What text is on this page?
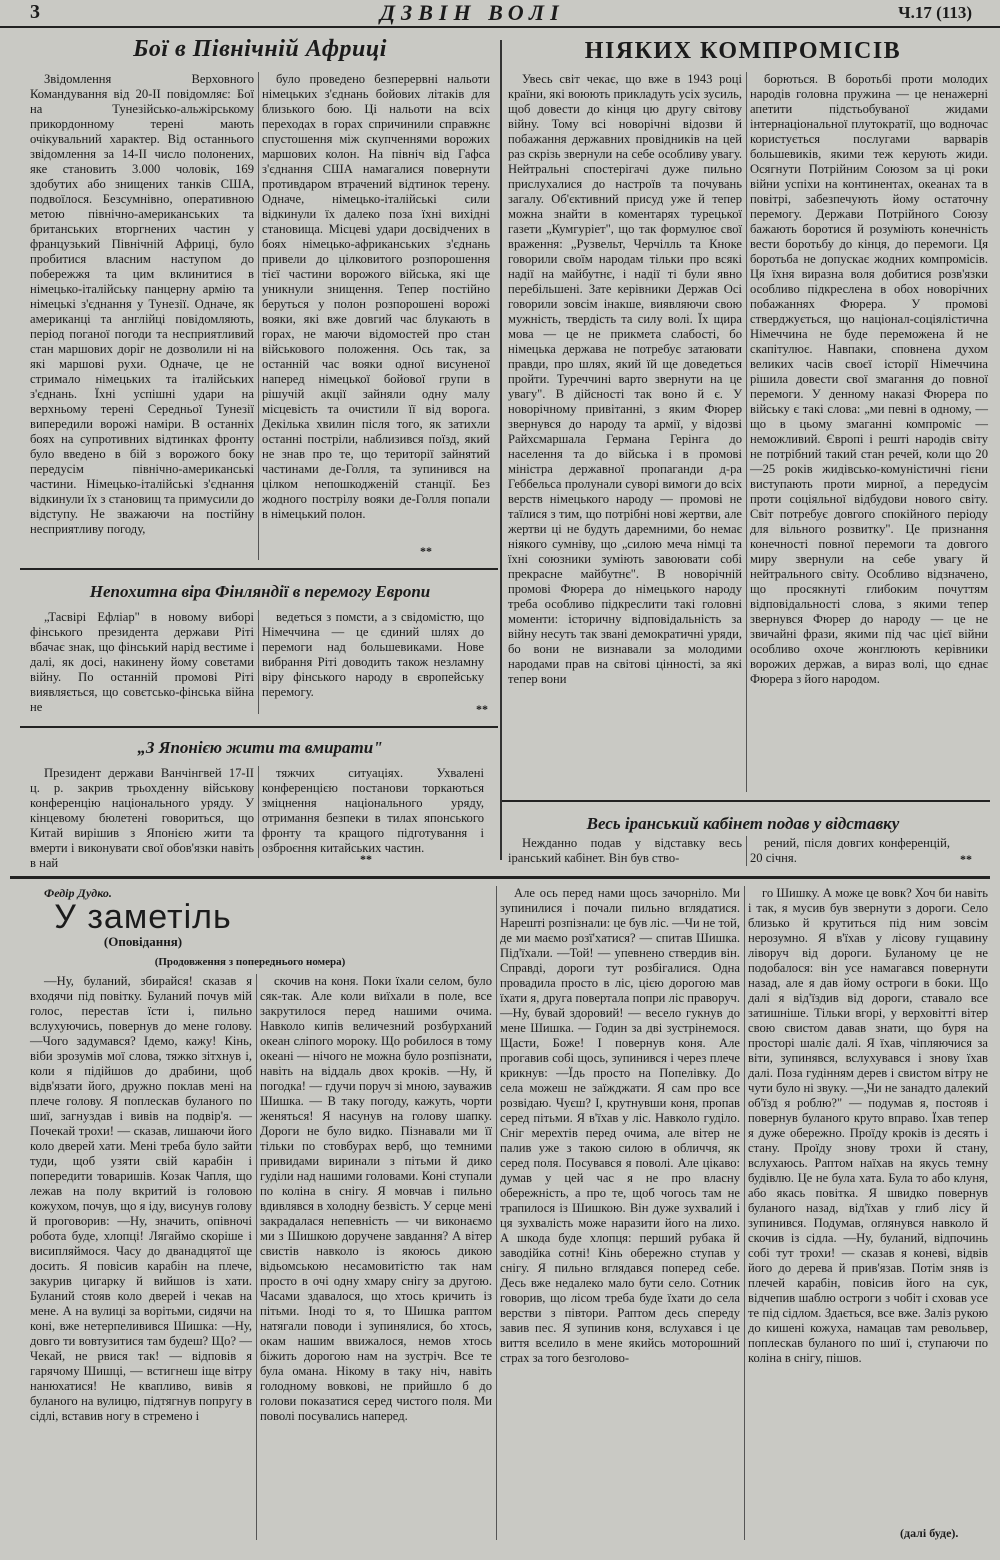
3	ДЗВІН ВОЛІ	Ч.17 (113)
Бої в Північній Африці

Звідомлення Верховного Командування від 20-II повідомляє: Бої на Тунезійсько-альжірському прикордонному терені мають очікувальний характер. Від останнього звідомлення за 14-II число полонених, яке становить 3.000 чоловік, 169 здобутих або знищених танків США, подвоїлося. Безсумнівно, оперативною метою північно-американських та британських вторгнених частин у французький Північній Африці, було пробитися власним наступом до побережжя та цим вклинитися в німецько-італійську панцерну армію та німецькі з'єднання у Тунезії. Одначе, як американці та англійці повідомляють, період поганої погоди та несприятливий стан маршових доріг не дозволили ні на які маршові рухи. Одначе, це не стримало німецьких та італійських з'єднань. Їхні успішні удари на верхньому терені Середньої Тунезії випередили ворожі наміри. В останніх боях на супротивних відтинках фронту було введено в бій з ворожого боку передусім північно-американські частини. Німецько-італійські з'єднання відкинули їх з становищ та примусили до відступу. Не зважаючи на постійну несприятливу погоду,

було проведено безперервні нальоти німецьких з'єднань бойових літаків для близького бою. Ці нальоти на всіх переходах в горах спричинили справжнє спустошення між скупченнями ворожих маршових колон. На північ від Гафса з'єднання США намагалися повернути противдаром втрачений відтинок терену. Одначе, німецько-італійські сили відкинули їх далеко поза їхні вихідні становища. Місцеві удари досвідчених в боях німецько-африканських з'єднань привели до цілковитого розпорошення тієї частини ворожого війська, які ще уникнули знищення. Тепер постійно беруться у полон розпорошені ворожі вояки, які вже довгий час блукають в горах, не маючи відомостей про стан військового положення. Ось так, за останній час вояки одної висуненої наперед німецької бойової групи в рішучій акції зайняли одну малу місцевість та очистили її від ворога. Декілька хвилин після того, як затихли останні постріли, наблизився поїзд, який не знав про те, що території зайнятий частинами де-Голля, та зупинився на цілком непошкодженій станції. Без жодного пострілу вояки де-Голля попали в німецький полон.

**
Непохитна віра Фінляндії в перемогу Европи

„Тасвірі Ефліар" в новому виборі фінського президента держави Ріті вбачає знак, що фінський нарід вестиме і далі, як досі, накинену йому совєтами війну. По останній промові Ріті виявляється, що совєтсько-фінська війна не

ведеться з помсти, а з свідомістю, що Німеччина — це єдиний шлях до перемоги над большевиками. Нове вибрання Ріті доводить також незламну віру фінського народу в європейську перемогу.

**
„З Японією жити та вмирати"

Президент держави Ванчінгвей 17-II ц. р. закрив трьохденну військову конференцію національного уряду. У кінцевому бюлетені говориться, що Китай вирішив з Японією жити та вмерти і виконувати свої обов'язки навіть в най

тяжчих ситуаціях. Ухвалені конференцією постанови торкаються зміцнення національного уряду, отримання безпеки в тилах японського фронту та кращого підготування і озброєння китайських частин.

**
НІЯКИХ КОМПРОМІСІВ

Увесь світ чекає, що вже в 1943 році країни, які воюють прикладуть усіх зусиль, щоб довести до кінця цю другу світову війну. Тому всі новорічні відозви й побажання державних провідників на цей раз скрізь звернули на себе особливу увагу. Нейтральні спостерігачі дуже пильно прислухалися до настроїв та почувань загалу. Об'єктивний присуд уже й тепер можна знайти в коментарях турецької газети „Кумгуріет", що так формулює свої враження: „Рузвельт, Черчілль та Кноке говорили своїм народам тільки про всякі надії на майбутнє, і надії ті були явно перебільшені. Зате керівники Держав Осі говорили зовсім інакше, виявляючи свою мужність, твердість та силу волі. Їх щира мова — це не прикмета слабості, бо німецька держава не потребує затаювати правди, про шлях, який їй ще доведеться пройти. Туреччині варто звернути на це увагу". В дійсності так воно й є. У новорічному привітанні, з яким Фюрер звернувся до народу та армії, у відозві Райхсмаршала Германа Герінга до населення та до війська і в промові міністра державної пропаганди д-ра Геббельса пролунали суворі вимоги до всіх верств німецького народу — промові не таїлися з тим, що потрібні нові жертви, але жертви ці не будуть даремними, бо немає ніякого сумніву, що „силою меча німці та їхні союзники зуміють завоювати собі прекрасне майбутнє". В новорічній промові Фюрера до німецького народу треба особливо підкреслити такі головні моменти: історичну відповідальність за війну несуть так звані демократичні уряди, бо вони не визнавали за молодими народами прав на світові цінності, за які тепер вони

борються. В боротьбі проти молодих народів головна пружина — це ненажерні апетити підстьобуваної жидами інтернаціональної плутократії, що водночас користується послугами варварів большевиків, якими теж керують жиди. Осягнути Потрійним Союзом за ці роки війни успіхи на континентах, океанах та в повітрі, забезпечують йому остаточну перемогу. Держави Потрійного Союзу бажають боротися й розуміють конечність вести боротьбу до кінця, до перемоги. Ця боротьба не допускає жодних компромісів. Ця їхня виразна воля добитися розв'язки особливо підкреслена в обох новорічних побажаннях Фюрера. У промові стверджується, що націонал-соціялістична Німеччина не буде переможена й не скапітулює. Навпаки, сповнена духом великих часів своєї історії Німеччина рішила довести свої змагання до повної перемоги. У денному наказі Фюрера по війську є такі слова: „ми певні в одному, — що в цьому змаганні компроміс — неможливий. Європі і решті народів світу не потрібний такий стан речей, коли що 20—25 років жидівсько-комуністичні гієни виступають проти мирної, а передусім проти соціяльної відбудови нового світу. Світ потребує довгого спокійного періоду для вільного розвитку". Це признання конечності повної перемоги та довгого миру звернули на себе увагу й нейтрального світу. Особливо відзначено, що просякнуті глибоким почуттям відповідальності слова, з якими тепер звернувся Фюрер до народу — це не звичайні фрази, якими під час цієї війни особливо охоче жонглюють керівники ворожих держав, а вираз волі, що єднає Фюрера з його народом.

Весь іранський кабінет подав у відставку

Нежданно подав у відставку весь іранський кабінет. Він був ство-

рений, після довгих конференцій, 20 січня.	**
Федір Дудко.
У заметіль
(Оповідання)
(Продовження з попереднього номера)

—Ну, буланий, збирайся! сказав я входячи під повітку. Буланий почув мій голос, перестав їсти і, пильно вслухуючись, повернув до мене голову. —Чого задумався? Ідемо, кажу! Кінь, віби зрозумів мої слова, тяжко зітхнув і, коли я підійшов до драбини, щоб відв'язати його, дружно поклав мені на плече голову. Я поплескав буланого по шиї, загнуздав і вивів на подвір'я. —Почекай трохи! — сказав, лишаючи його коло дверей хати. Мені треба було зайти туди, щоб узяти свій карабін і попередити товаришів. Козак Чапля, що лежав на полу вкритий із головою кожухом, почув, що я іду, висунув голову й проговорив: —Ну, значить, опівночі робота буде, хлопці! Лягаймо скоріше і висипляймося. Часу до дванадцятої ще досить. Я повісив карабін на плече, закурив цигарку й вийшов із хати. Буланий стояв коло дверей і чекав на мене. А на вулиці за ворітьми, сидячи на коні, вже нетерпеливився Шишка: —Ну, довго ти вовтузитися там будеш? Що? —Чекай, не рвися так! — відповів я гарячому Шишці, — встигнеш іще вітру нанюхатися! Не квапливо, вивів я буланого на вулицю, підтягнув попругу в сідлі, вставив ногу в стремено і

скочив на коня. Поки їхали селом, було сяк-так. Але коли виїхали в поле, все закрутилося перед нашими очима. Навколо кипів величезний розбурханий океан сліпого мороку. Що робилося в тому океані — нічого не можна було розпізнати, навіть на віддаль двох кроків. —Ну, й погодка! — гдучи поруч зі мною, зауважив Шишка. — В таку погоду, кажуть, чорти женяться! Я насунув на голову шапку. Дороги не було видко. Пізнавали ми її тільки по стовбурах верб, що темними привидами виринали з пітьми й дико гуділи над нашими головами. Коні ступали по коліна в снігу. Я мовчав і пильно вдивлявся в холодну безвість. У серце мені закрадалася непевність — чи виконаємо ми з Шишкою доручене завдання? А вітер свистів навколо із якоюсь дикою відьомською несамовитістю так нам просто в очі одну хмару снігу за другою. Часами здавалося, що хтось кричить із пітьми. Іноді то я, то Шишка раптом натягали поводи і зупинялися, бо хтось, окам нашим ввижалося, немов хтось біжить дорогою нам на зустріч. Все те була омана. Нікому в таку ніч, навіть голодному вовкові, не прийшло б до голови показатися серед чистого поля. Ми поволі посувались наперед.

Але ось перед нами щось зачорніло. Ми зупинилися і почали пильно вглядатися. Нарешті розпізнали: це був ліс. —Чи не той, де ми маємо розї'хатися? — спитав Шишка. Під'їхали. —Той! — упевнено ствердив він. Справді, дороги тут розбігалися. Одна провадила просто в ліс, цією дорогою мав їхати я, друга повертала попри ліс праворуч. —Ну, бувай здоровий! — весело гукнув до мене Шишка. — Годин за дві зустрінемося. Щасти, Боже! І повернув коня. Але прогавив собі щось, зупинився і через плече крикнув: —Їдь просто на Попелівку. До села можеш не заїжджати. Я сам про все розвідаю. Чуєш? І, крутнувши коня, пропав серед пітьми. Я в'їхав у ліс. Навколо гуділо. Сніг мерехтів перед очима, але вітер не палив уже з такою силою в обличчя, як серед поля. Посувався я поволі. Але цікаво: думав у цей час я не про власну обережність, а про те, щоб чогось там не трапилося із Шишкою. Він дуже зухвалий і ця зухвалість може наразити його на лихо. А шкода буде хлопця: перший рубака й заводійка сотні! Кінь обережно ступав у снігу. Я пильно вглядався поперед себе. Десь вже недалеко мало бути село. Сотник говорив, що лісом треба буде їхати до села верстви з півтори. Раптом десь спереду завив пес. Я зупинив коня, вслухався і це виття вселило в мене якийсь мотоpошний страх за того безголово-

го Шишку. А може це вовк? Хоч би навіть і так, я мусив був звернути з дороги. Село близько й крутиться під ним зовсім нерозумно. Я в'їхав у лісову гущавину ліворуч від дороги. Буланому це не подобалося: він усе намагався повернути назад, але я дав йому остроги в боки. Що далі я від'їздив від дороги, ставало все затишніше. Тільки вгорі, у верховітті вітер свою свистом давав знати, що буря на просторі шаліє далі. Я їхав, чіпляючися за віти, зупинявся, вслухувався і знову їхав далі. Поза гудінням дерев і свистом вітру не чути було ні звуку. —„Чи не занадто далекий об'їзд я роблю?" — подумав я, постояв і повернув буланого круто вправо. Їхав тепер я дуже обережно. Проїду кроків із десять і стану. Проїду знову трохи й стану, вслухаюсь. Раптом наїхав на якусь темну будівлю. Це не була хата. Була то або клуня, або якась повітка. Я швидко повернув буланого назад, від'їхав у глиб лісу й зупинився. Подумав, оглянувся навколо й скочив із сідла. —Ну, буланий, відпочинь собі тут трохи! — сказав я коневі, відвів його до дерева й прив'язав. Потім зняв із плечей карабін, повісив його на сук, відчепив шаблю остроги з чобіт і сховав усе те під сідлом. Здається, все вже. Заліз рукою до кишені кожуха, намацав там револьвер, поплескав буланого по шиї і, ступаючи по коліна в снігу, пішов.

(далі буде).
